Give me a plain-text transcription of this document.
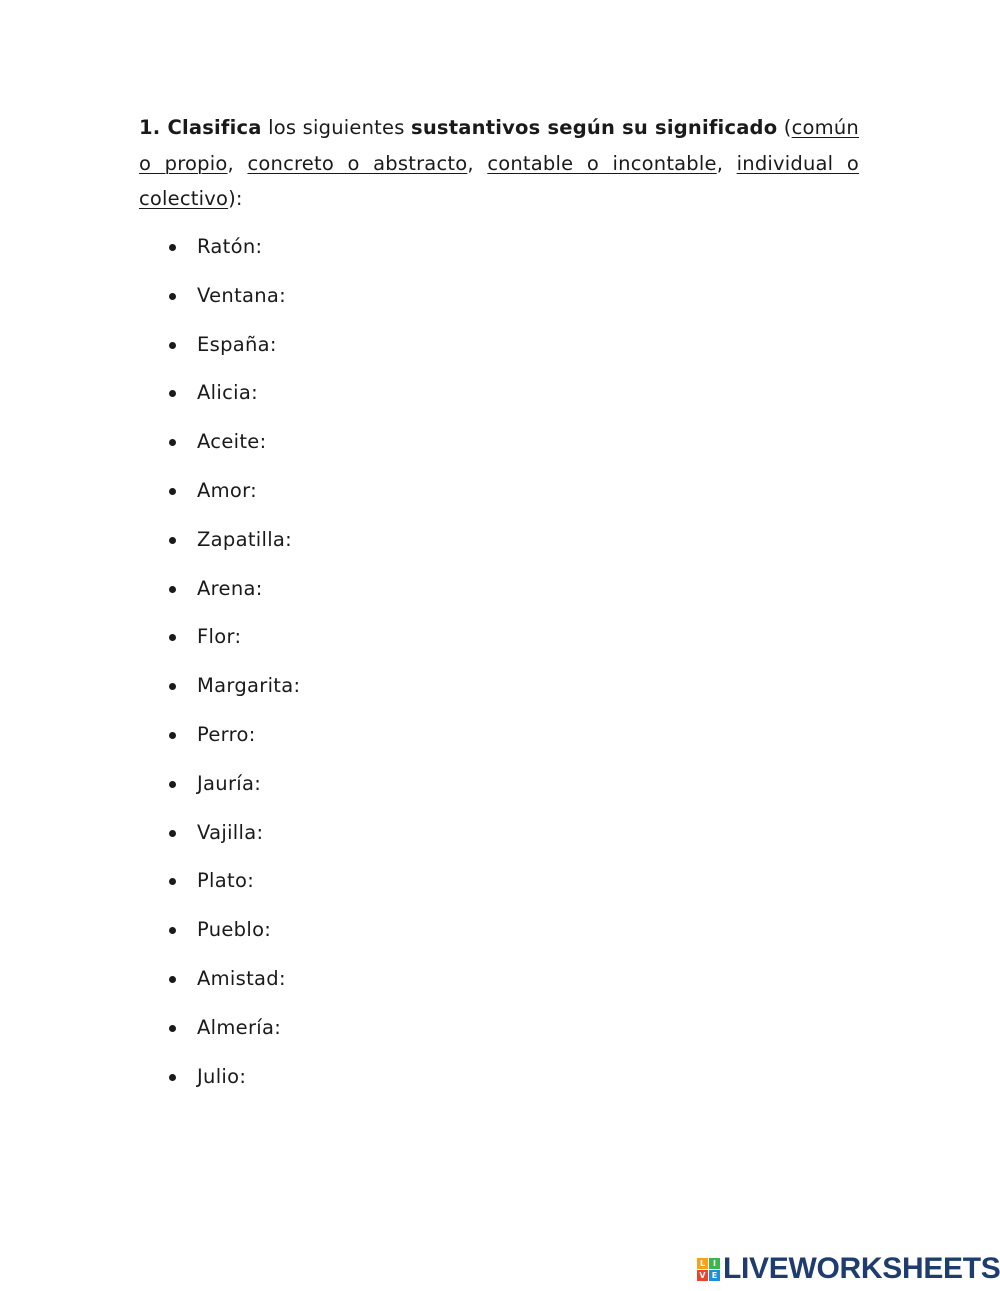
1. Clasifica los siguientes sustantivos según su significado (común o propio, concreto o abstracto, contable o incontable, individual o colectivo):

Ratón:
Ventana:
España:
Alicia:
Aceite:
Amor:
Zapatilla:
Arena:
Flor:
Margarita:
Perro:
Jauría:
Vajilla:
Plato:
Pueblo:
Amistad:
Almería:
Julio:
L I
V E LIVEWORKSHEETS
